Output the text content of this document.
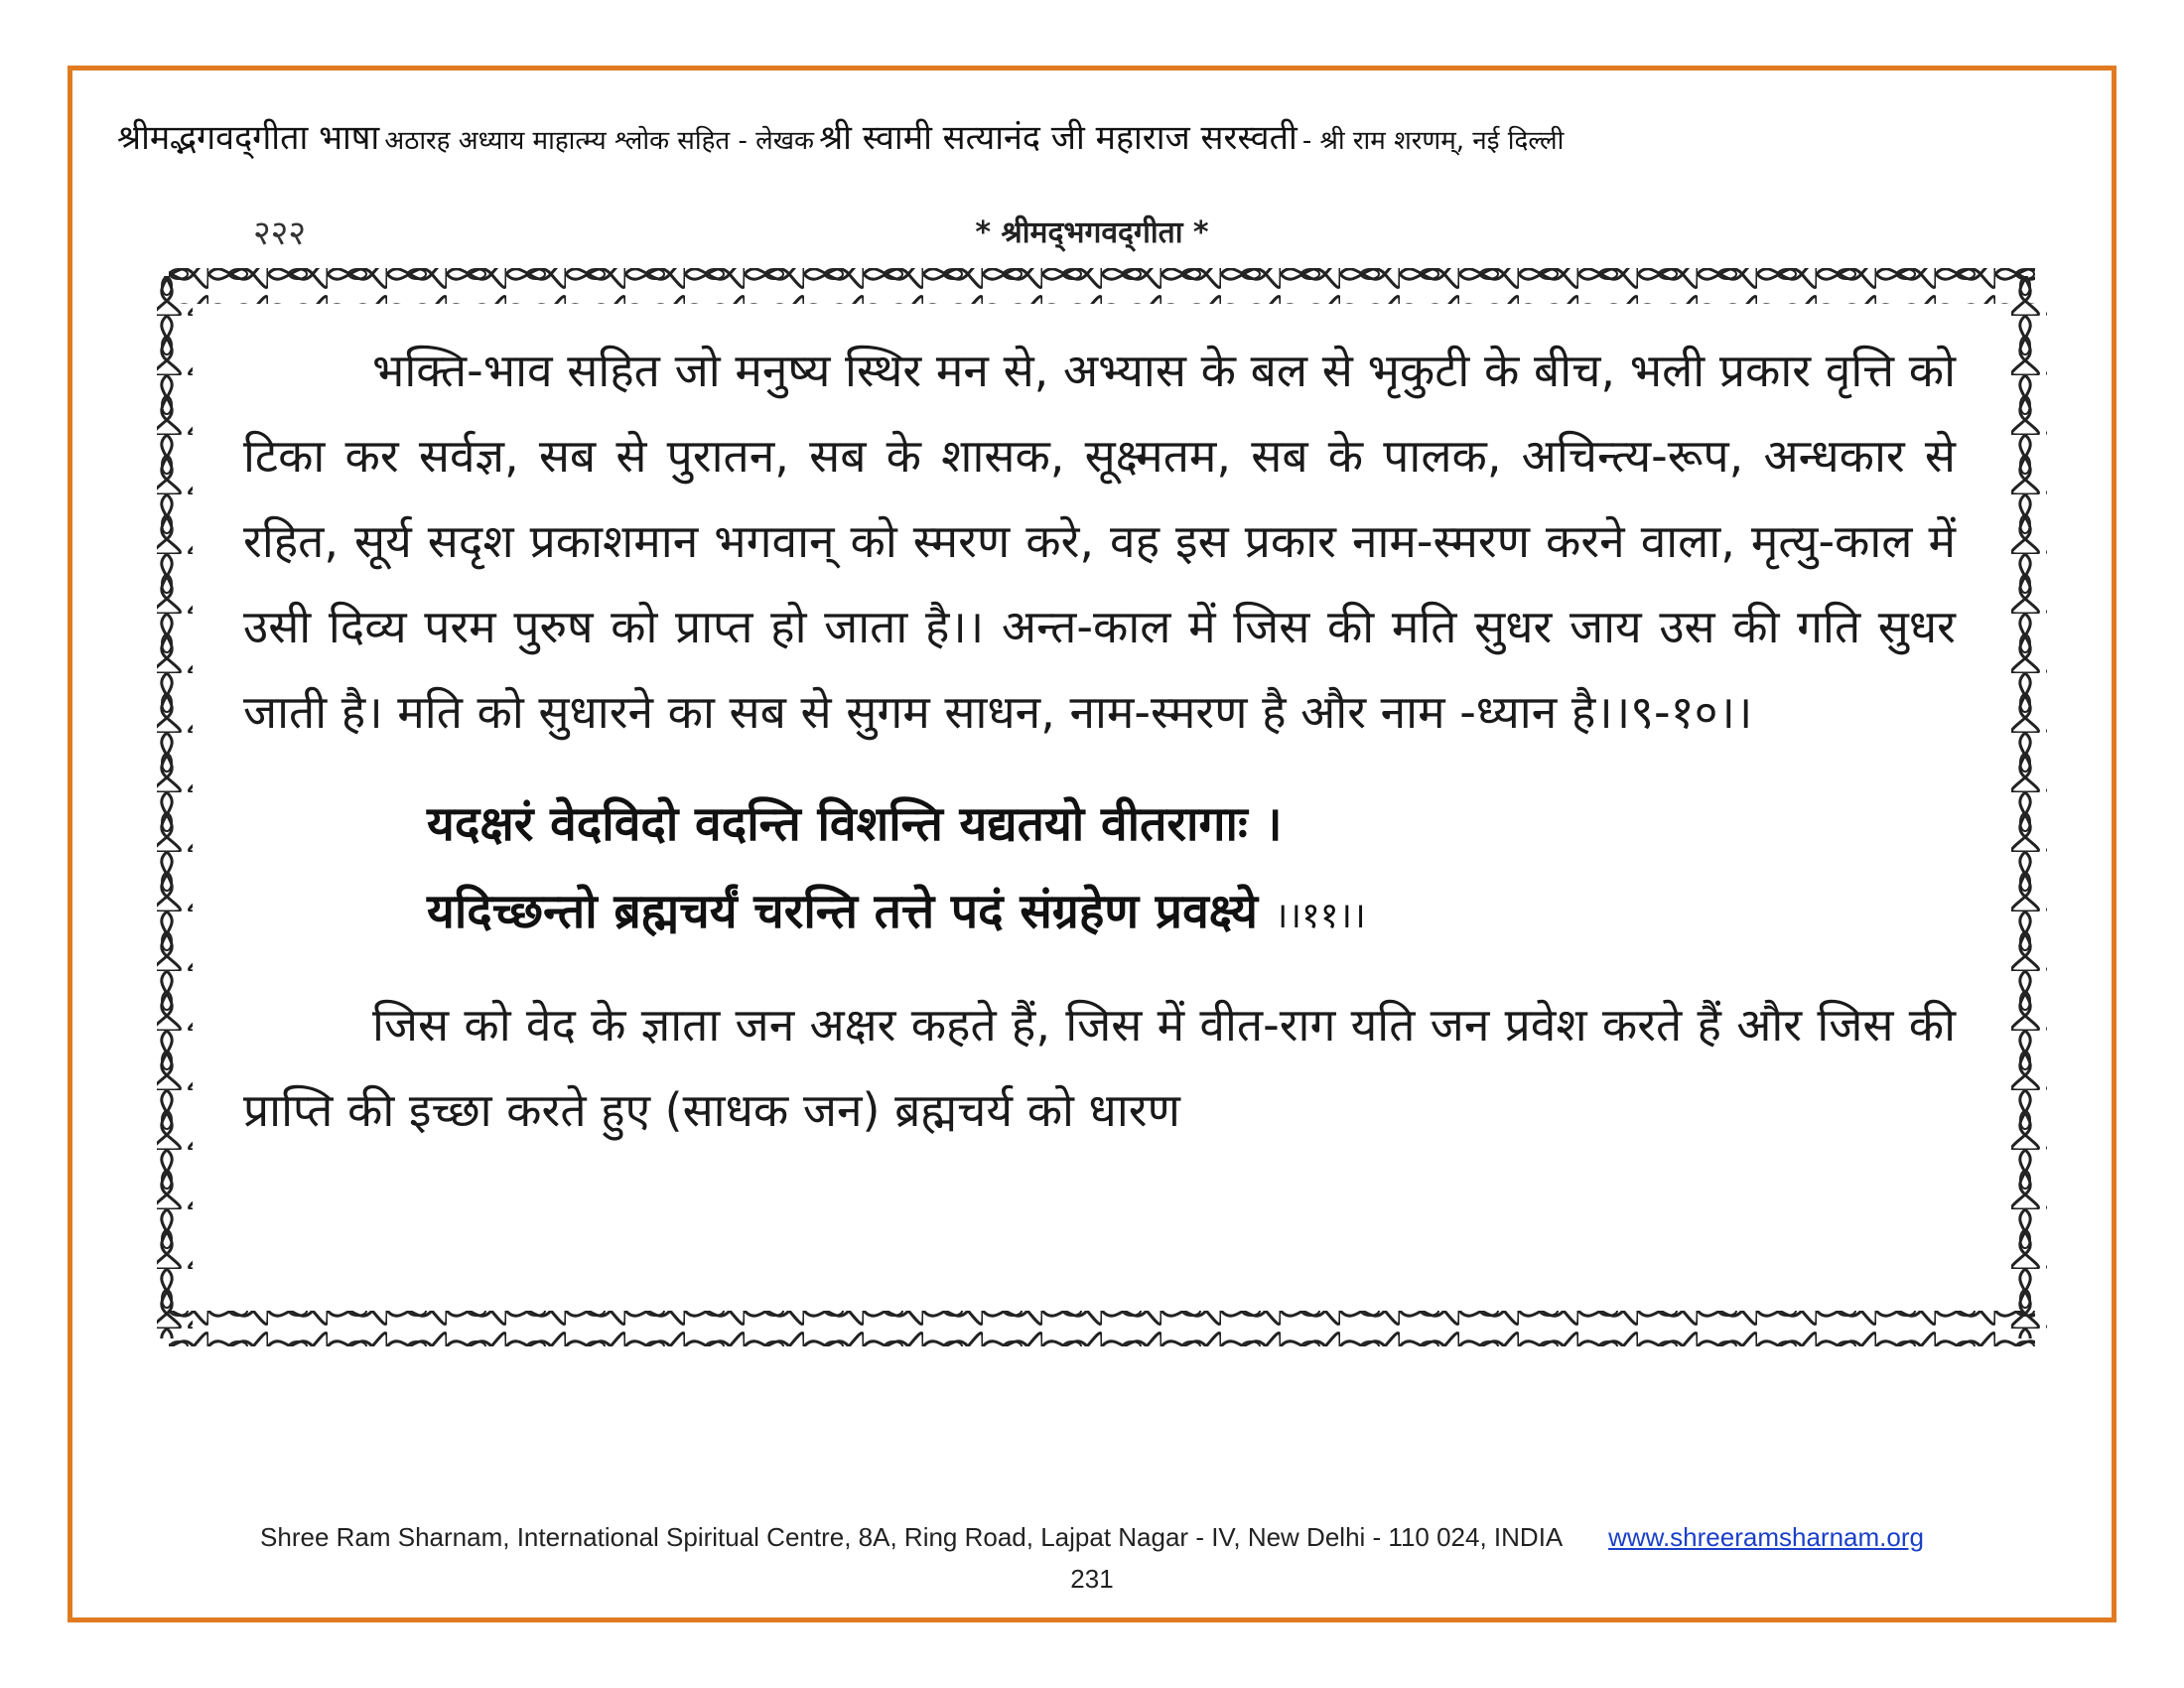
श्रीमद्भगवद्‌गीता भाषा अठारह अध्याय माहात्म्य श्लोक सहित - लेखक श्री स्वामी सत्यानंद जी महाराज सरस्वती - श्री राम शरणम्, नई दिल्ली
२२२	* श्रीमद्‌भगवद्‌गीता *

भक्ति-भाव सहित जो मनुष्य स्थिर मन से, अभ्यास के बल से भृकुटी के बीच, भली प्रकार वृत्ति को टिका कर सर्वज्ञ, सब से पुरातन, सब के शासक, सूक्ष्मतम, सब के पालक, अचिन्त्य-रूप, अन्धकार से रहित, सूर्य सदृश प्रकाशमान भगवान् को स्मरण करे, वह इस प्रकार नाम-स्मरण करने वाला, मृत्यु-काल में उसी दिव्य परम पुरुष को प्राप्त हो जाता है।। अन्त-काल में जिस की मति सुधर जाय उस की गति सुधर जाती है। मति को सुधारने का सब से सुगम साधन, नाम-स्मरण है और नाम -ध्यान है।।९-१०।।

यदक्षरं वेदविदो वदन्ति विशन्ति यद्यतयो वीतरागाः ।
यदिच्छन्तो ब्रह्मचर्यं चरन्ति तत्ते पदं संग्रहेण प्रवक्ष्ये ।।११।।

जिस को वेद के ज्ञाता जन अक्षर कहते हैं, जिस में वीत-राग यति जन प्रवेश करते हैं और जिस की प्राप्ति की इच्छा करते हुए (साधक जन) ब्रह्मचर्य को धारण

Shree Ram Sharnam, International Spiritual Centre, 8A, Ring Road, Lajpat Nagar - IV, New Delhi - 110 024, INDIA www.shreeramsharnam.org
231
